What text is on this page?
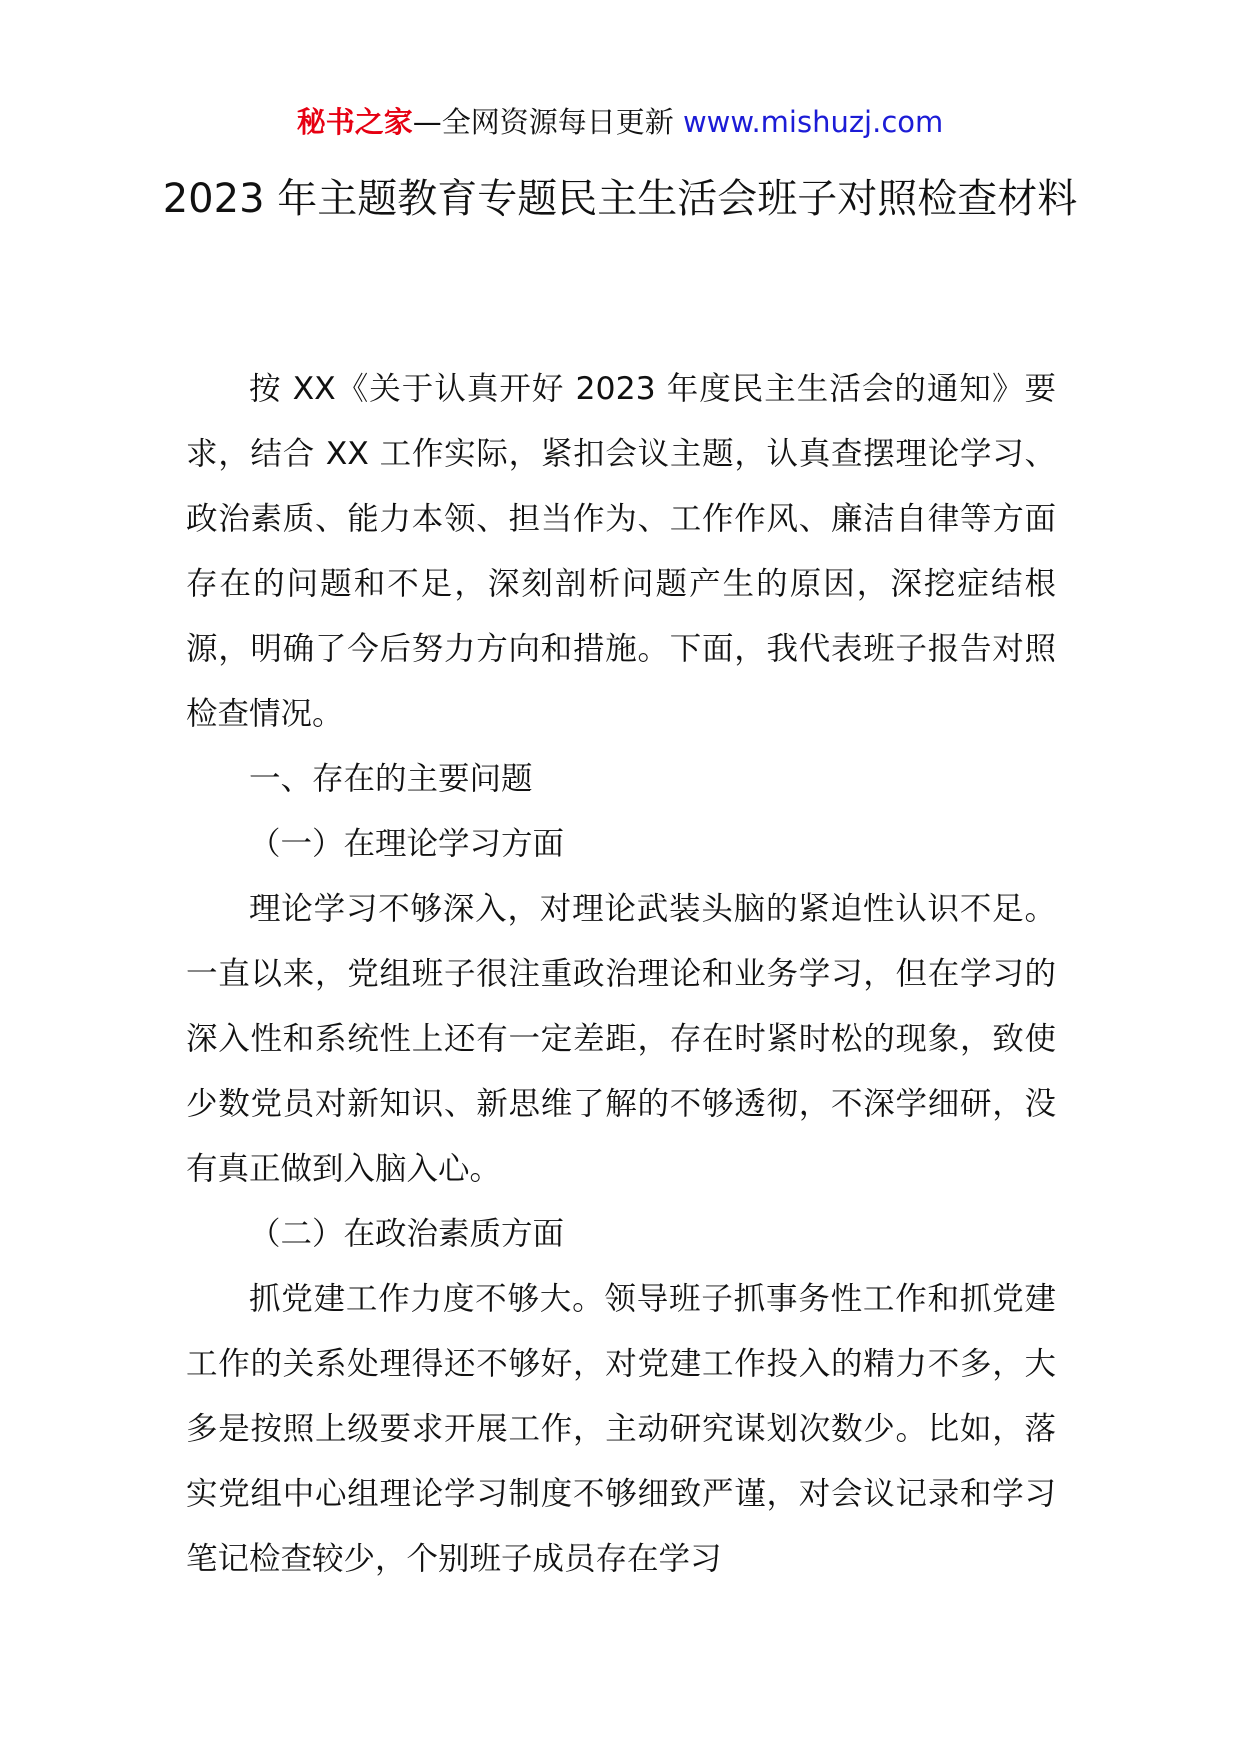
秘书之家—全网资源每日更新 www.mishuzj.com
2023 年主题教育专题民主生活会班子对照检查材料

按 XX《关于认真开好 2023 年度民主生活会的通知》要求，结合 XX 工作实际，紧扣会议主题，认真查摆理论学习、政治素质、能力本领、担当作为、工作作风、廉洁自律等方面存在的问题和不足，深刻剖析问题产生的原因，深挖症结根源，明确了今后努力方向和措施。下面，我代表班子报告对照检查情况。

一、存在的主要问题

（一）在理论学习方面

理论学习不够深入，对理论武装头脑的紧迫性认识不足。一直以来，党组班子很注重政治理论和业务学习，但在学习的深入性和系统性上还有一定差距，存在时紧时松的现象，致使少数党员对新知识、新思维了解的不够透彻，不深学细研，没有真正做到入脑入心。

（二）在政治素质方面

抓党建工作力度不够大。领导班子抓事务性工作和抓党建工作的关系处理得还不够好，对党建工作投入的精力不多，大多是按照上级要求开展工作，主动研究谋划次数少。比如，落实党组中心组理论学习制度不够细致严谨，对会议记录和学习笔记检查较少，个别班子成员存在学习
